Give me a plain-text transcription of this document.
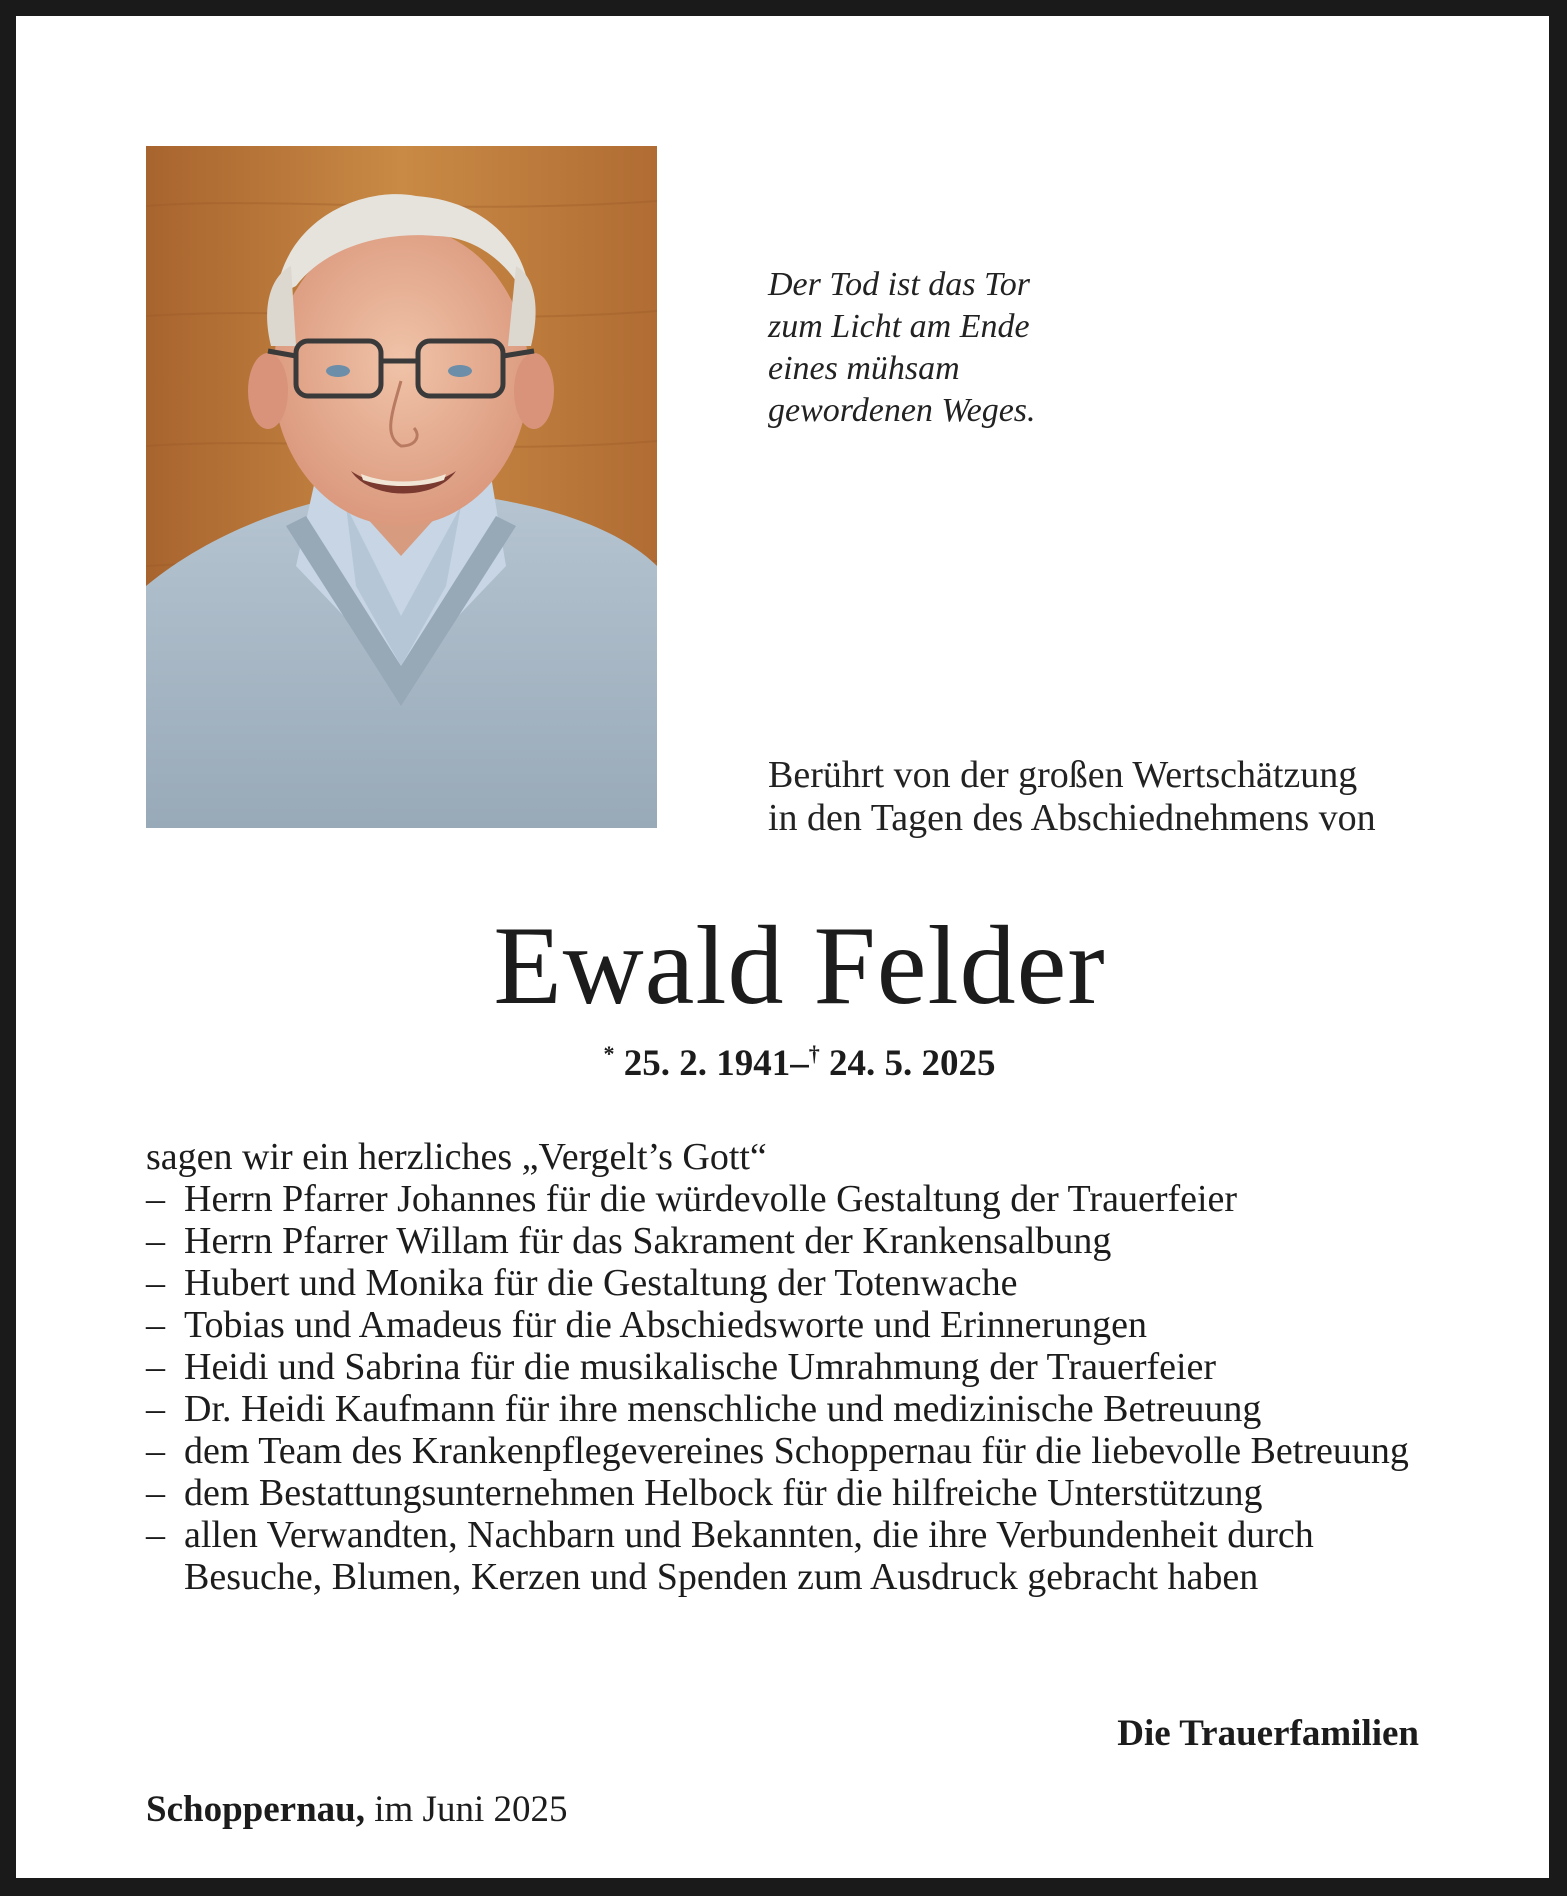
Der Tod ist das Tor
zum Licht am Ende
eines mühsam
gewordenen Weges.
Berührt von der großen Wertschätzung
in den Tagen des Abschiednehmens von
Ewald Felder
* 25. 2. 1941–† 24. 5. 2025
sagen wir ein herzliches „Vergelt’s Gott“
– Herrn Pfarrer Johannes für die würdevolle Gestaltung der Trauerfeier
– Herrn Pfarrer Willam für das Sakrament der Krankensalbung
– Hubert und Monika für die Gestaltung der Totenwache
– Tobias und Amadeus für die Abschiedsworte und Erinnerungen
– Heidi und Sabrina für die musikalische Umrahmung der Trauerfeier
– Dr. Heidi Kaufmann für ihre menschliche und medizinische Betreuung
– dem Team des Krankenpflegevereines Schoppernau für die liebevolle Betreuung
– dem Bestattungsunternehmen Helbock für die hilfreiche Unterstützung
– allen Verwandten, Nachbarn und Bekannten, die ihre Verbundenheit durch Besuche, Blumen, Kerzen und Spenden zum Ausdruck gebracht haben
Die Trauerfamilien
Schoppernau, im Juni 2025
